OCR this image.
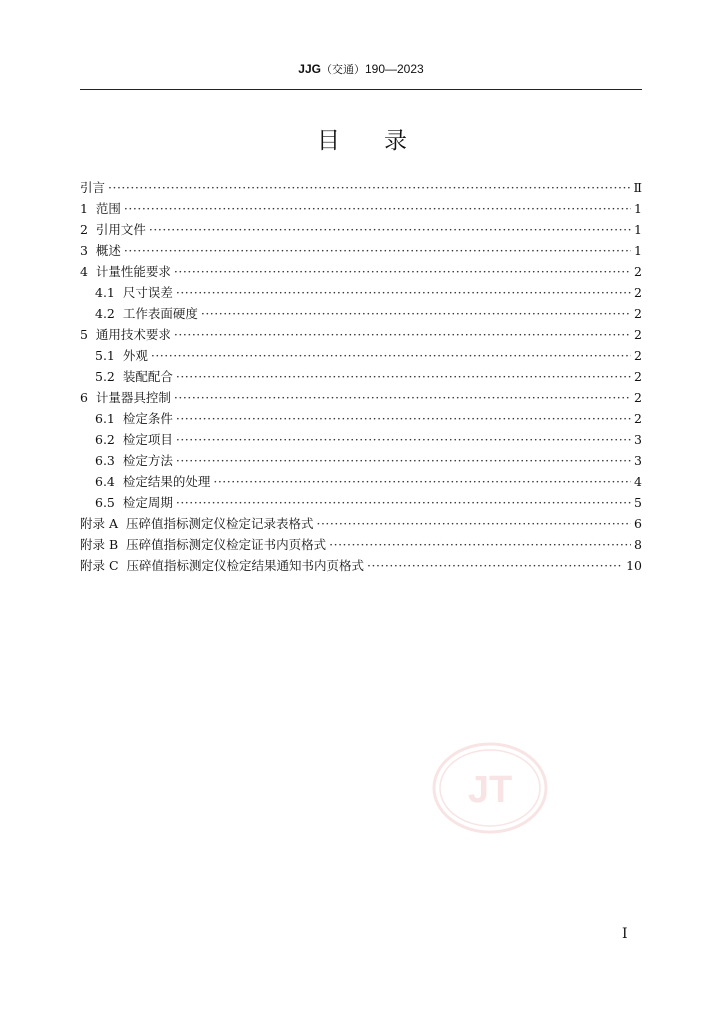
JJG（交通）190—2023
目录
引言 ·····	Ⅱ
1 范围 ·····	1
2 引用文件 ·····	1
3 概述 ·····	1
4 计量性能要求 ·····	2
4.1 尺寸误差 ·····	2
4.2 工作表面硬度 ·····	2
5 通用技术要求 ·····	2
5.1 外观 ·····	2
5.2 装配配合 ·····	2
6 计量器具控制 ·····	2
6.1 检定条件 ·····	2
6.2 检定项目 ·····	3
6.3 检定方法 ·····	3
6.4 检定结果的处理 ·····	4
6.5 检定周期 ·····	5
附录 A 压碎值指标测定仪检定记录表格式 ·····	6
附录 B 压碎值指标测定仪检定证书内页格式 ·····	8
附录 C 压碎值指标测定仪检定结果通知书内页格式 ·····	10
JT
I
